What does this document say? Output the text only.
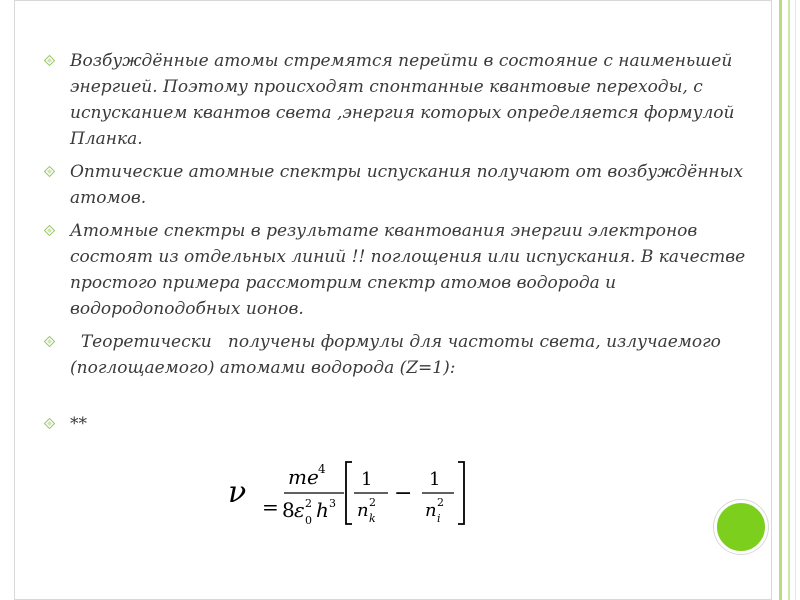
Возбуждённые атомы стремятся перейти в состояние с наименьшей энергией. Поэтому происходят спонтанные квантовые переходы, с испусканием квантов света ,энергия которых определяется формулой Планка.
Оптические атомные спектры испускания получают от возбуждённых атомов.
Атомные спектры в результате квантования энергии электронов состоят из отдельных линий !! поглощения или испускания. В качестве простого примера рассмотрим спектр атомов водорода и водородоподобных ионов.
Теоретически   получены формулы для частоты света, излучаемого (поглощаемого) атомами водорода (Z=1):
**
ν =
me 4
8 ε 2
0 h 3
1
n 2
k
−
1
n 2
i
